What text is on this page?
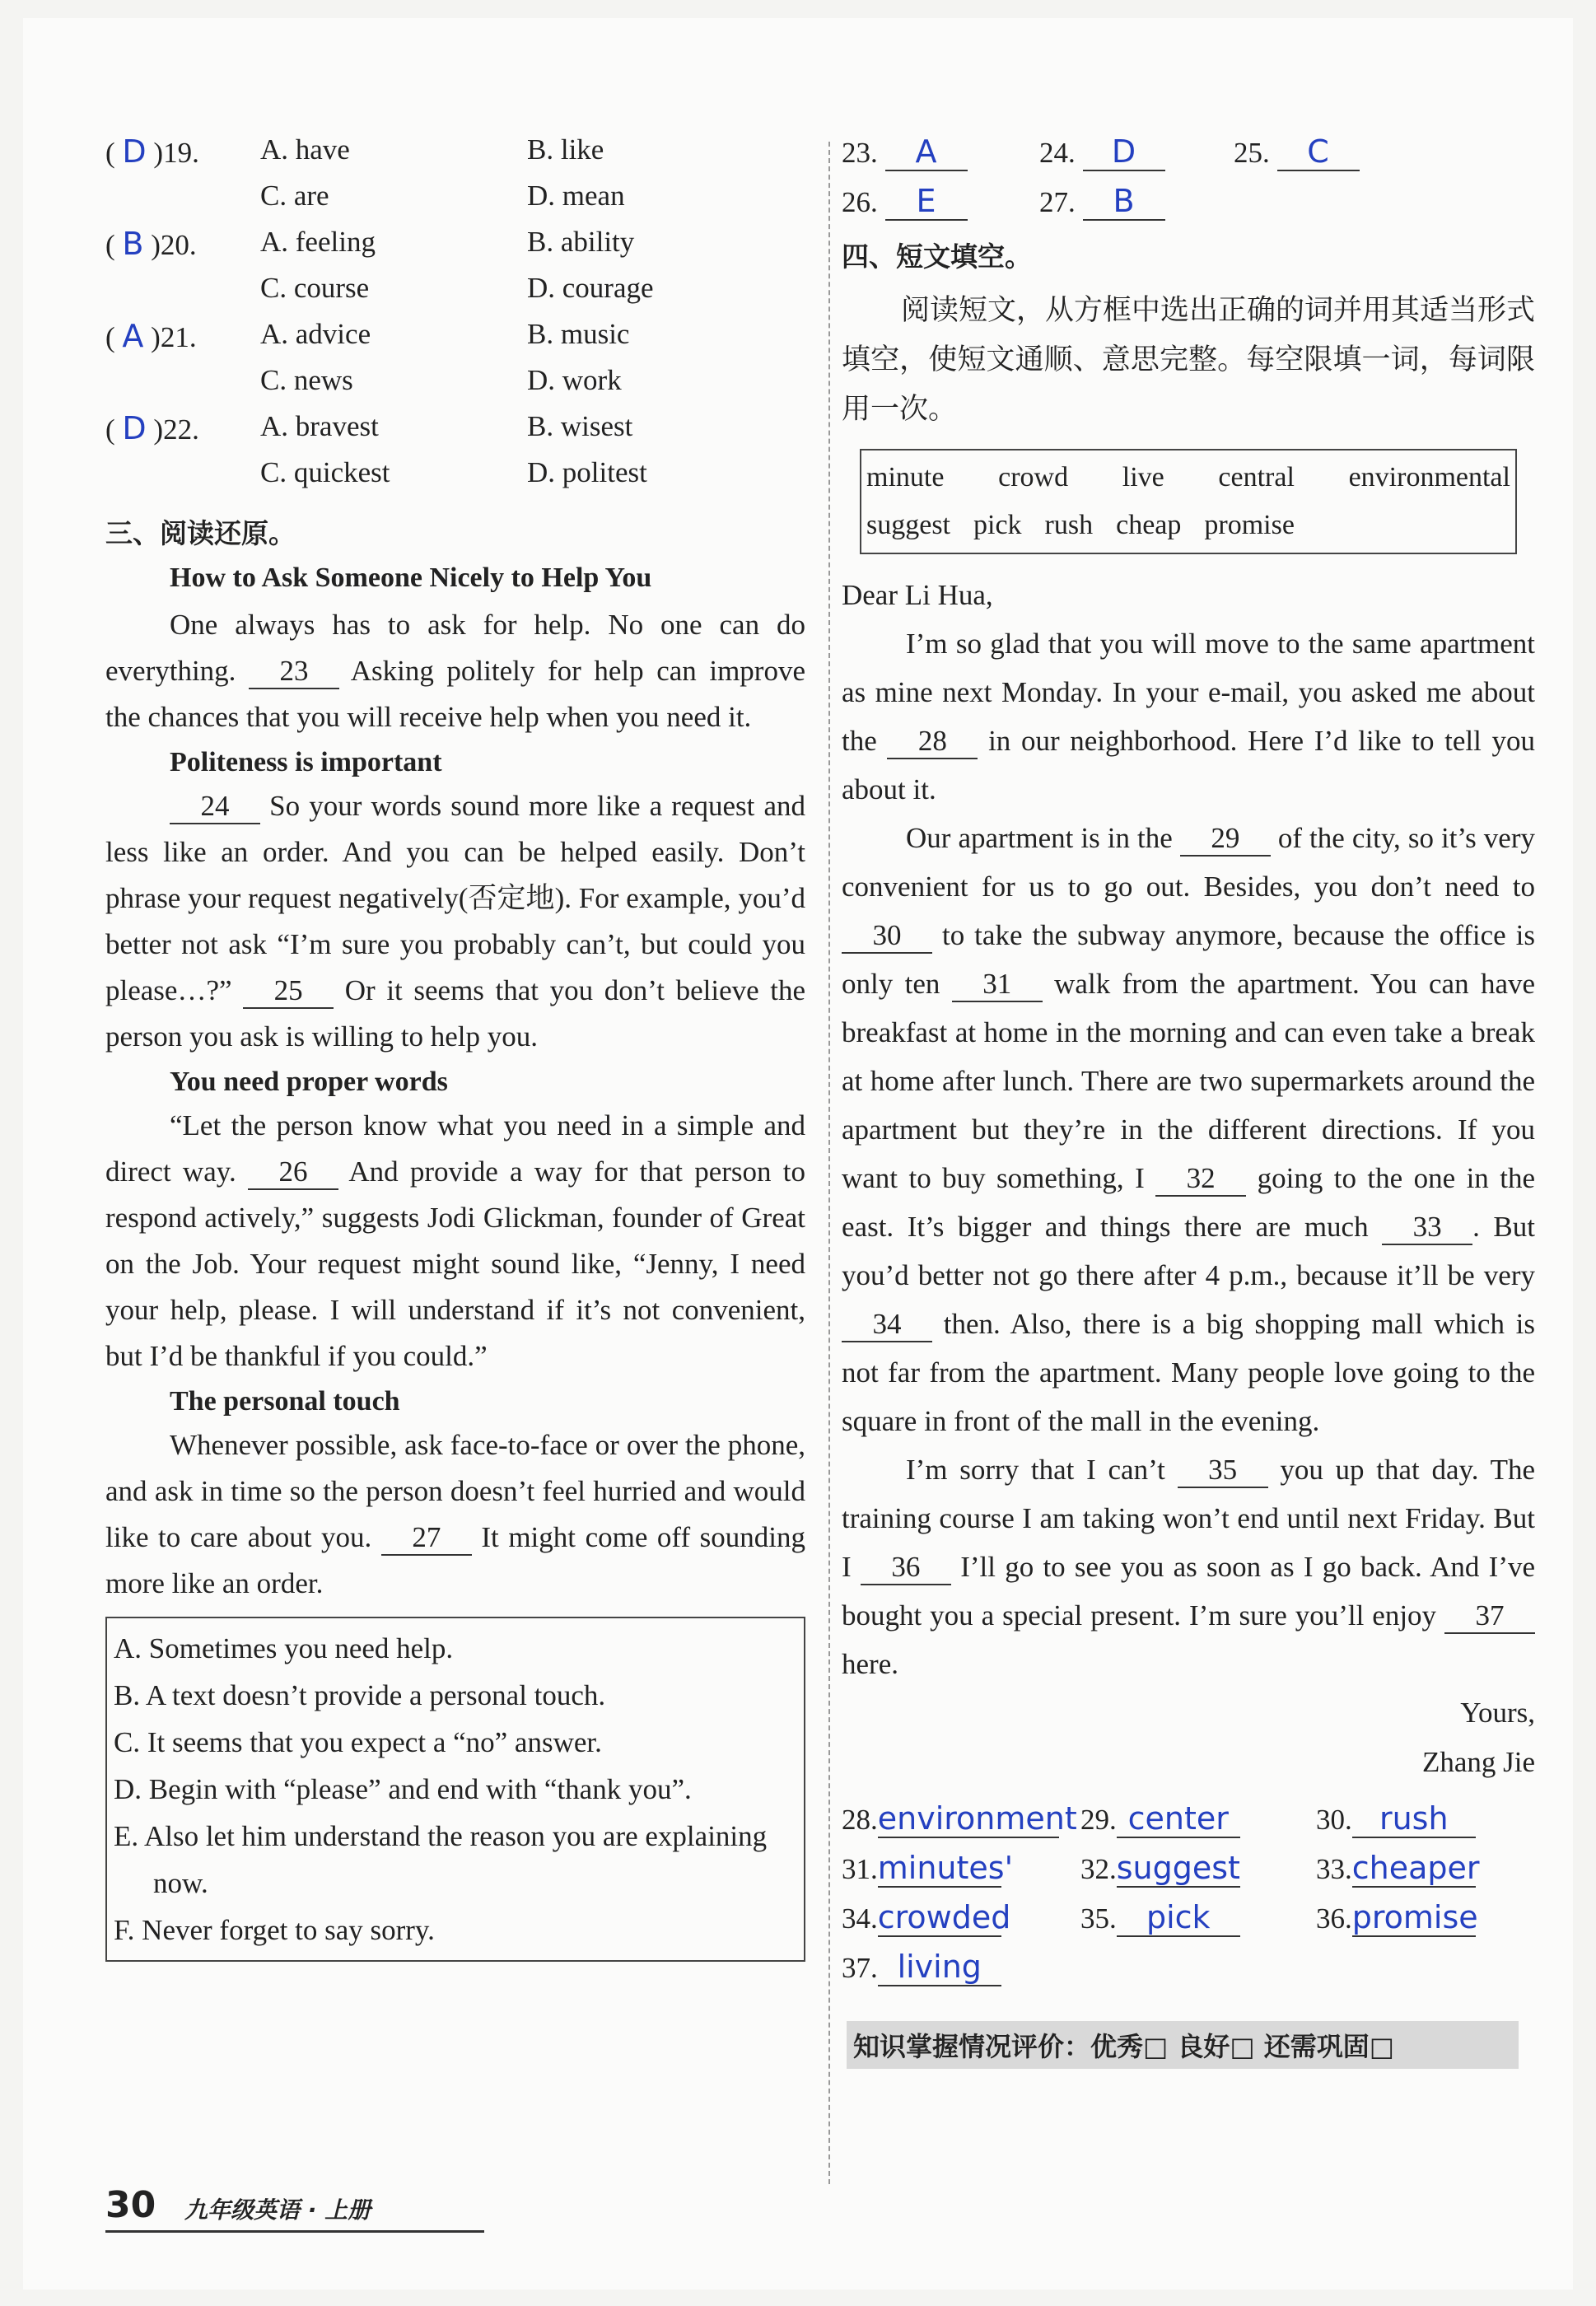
( D )19. A. have	B. like
C. are	D. mean
( B )20. A. feeling	B. ability
C. course	D. courage
( A )21. A. advice	B. music
C. news	D. work
( D )22. A. bravest	B. wisest
C. quickest	D. politest
三、阅读还原。
How to Ask Someone Nicely to Help You

One always has to ask for help. No one can do everything. 23 Asking politely for help can improve the chances that you will receive help when you need it.

Politeness is important

24 So your words sound more like a request and less like an order. And you can be helped easily. Don’t phrase your request negatively(否定地). For example, you’d better not ask “I’m sure you probably can’t, but could you please…?” 25 Or it seems that you don’t believe the person you ask is willing to help you.

You need proper words

“Let the person know what you need in a simple and direct way. 26 And provide a way for that person to respond actively,” suggests Jodi Glickman, founder of Great on the Job. Your request might sound like, “Jenny, I need your help, please. I will understand if it’s not convenient, but I’d be thankful if you could.”

The personal touch

Whenever possible, ask face-to-face or over the phone, and ask in time so the person doesn’t feel hurried and would like to care about you. 27 It might come off sounding more like an order.

A. Sometimes you need help.
B. A text doesn’t provide a personal touch.
C. It seems that you expect a “no” answer.
D. Begin with “please” and end with “thank you”.
E. Also let him understand the reason you are explaining now.
F. Never forget to say sorry.
23. A	24. D	25. C
26. E	27. B
四、短文填空。

阅读短文，从方框中选出正确的词并用其适当形式填空，使短文通顺、意思完整。每空限填一词，每词限用一次。

minute crowd live central environmental
suggest pick rush cheap promise

Dear Li Hua,

I’m so glad that you will move to the same apartment as mine next Monday. In your e-mail, you asked me about the 28 in our neighborhood. Here I’d like to tell you about it.

Our apartment is in the 29 of the city, so it’s very convenient for us to go out. Besides, you don’t need to 30 to take the subway anymore, because the office is only ten 31 walk from the apartment. You can have breakfast at home in the morning and can even take a break at home after lunch. There are two supermarkets around the apartment but they’re in the different directions. If you want to buy something, I 32 going to the one in the east. It’s bigger and things there are much 33 . But you’d better not go there after 4 p.m., because it’ll be very 34 then. Also, there is a big shopping mall which is not far from the apartment. Many people love going to the square in front of the mall in the evening.

I’m sorry that I can’t 35 you up that day. The training course I am taking won’t end until next Friday. But I 36 I’ll go to see you as soon as I go back. And I’ve bought you a special present. I’m sure you’ll enjoy 37 here.

Yours,
Zhang Jie
28.environment 29. center	30. rush
31.minutes' 32.suggest	33.cheaper
34.crowded 35. pick	36.promise
37. living
知识掌握情况评价：优秀□ 良好□ 还需巩固□
30 九年级英语 · 上册
